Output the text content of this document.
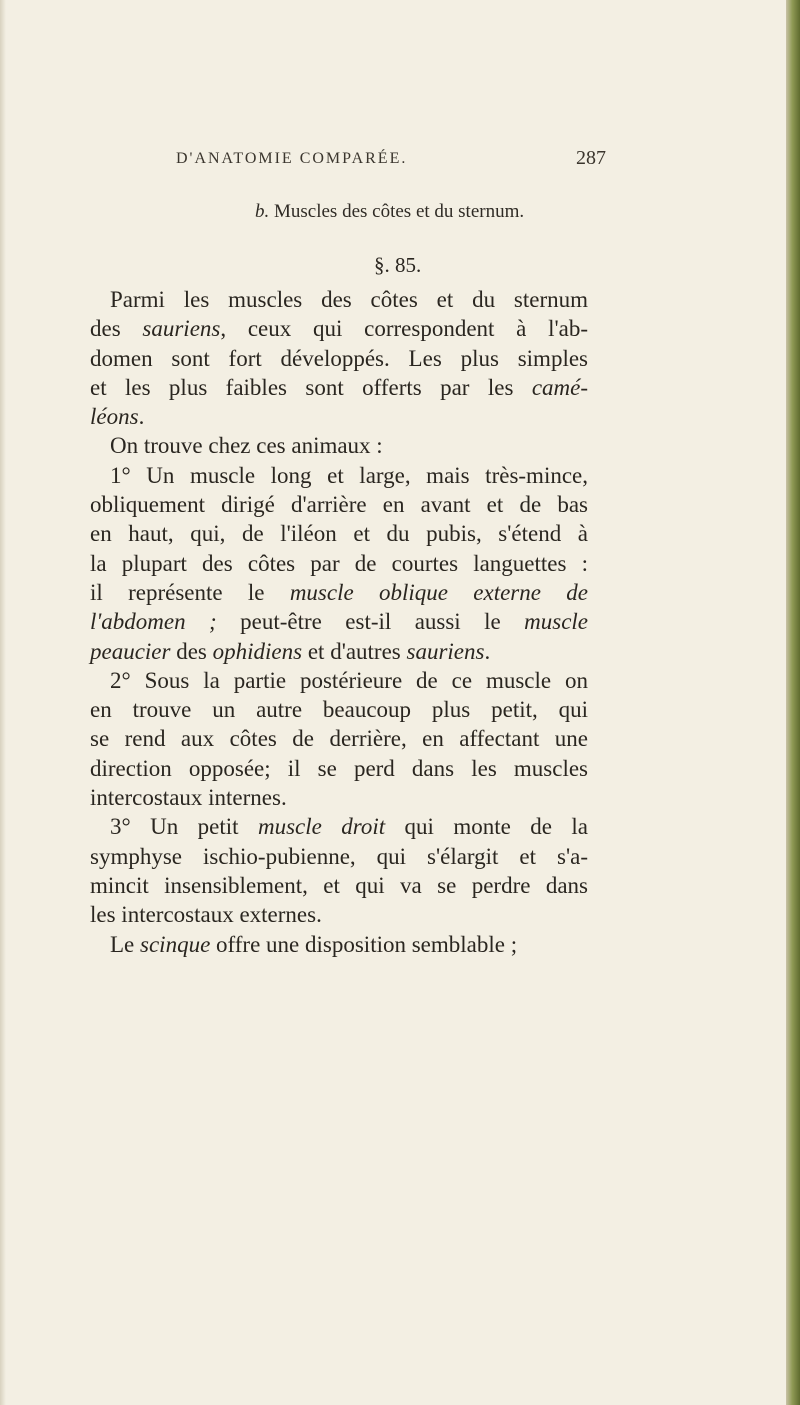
D'ANATOMIE COMPARÉE.	287
b. Muscles des côtes et du sternum.
§. 85.
Parmi les muscles des côtes et du sternum
des sauriens, ceux qui correspondent à l'ab-
domen sont fort développés. Les plus simples
et les plus faibles sont offerts par les camé-
léons.
On trouve chez ces animaux :
1° Un muscle long et large, mais très-mince,
obliquement dirigé d'arrière en avant et de bas
en haut, qui, de l'iléon et du pubis, s'étend à
la plupart des côtes par de courtes languettes :
il représente le muscle oblique externe de
l'abdomen ; peut-être est-il aussi le muscle
peaucier des ophidiens et d'autres sauriens.
2° Sous la partie postérieure de ce muscle on
en trouve un autre beaucoup plus petit, qui
se rend aux côtes de derrière, en affectant une
direction opposée; il se perd dans les muscles
intercostaux internes.
3° Un petit muscle droit qui monte de la
symphyse ischio-pubienne, qui s'élargit et s'a-
mincit insensiblement, et qui va se perdre dans
les intercostaux externes.
Le scinque offre une disposition semblable ;
